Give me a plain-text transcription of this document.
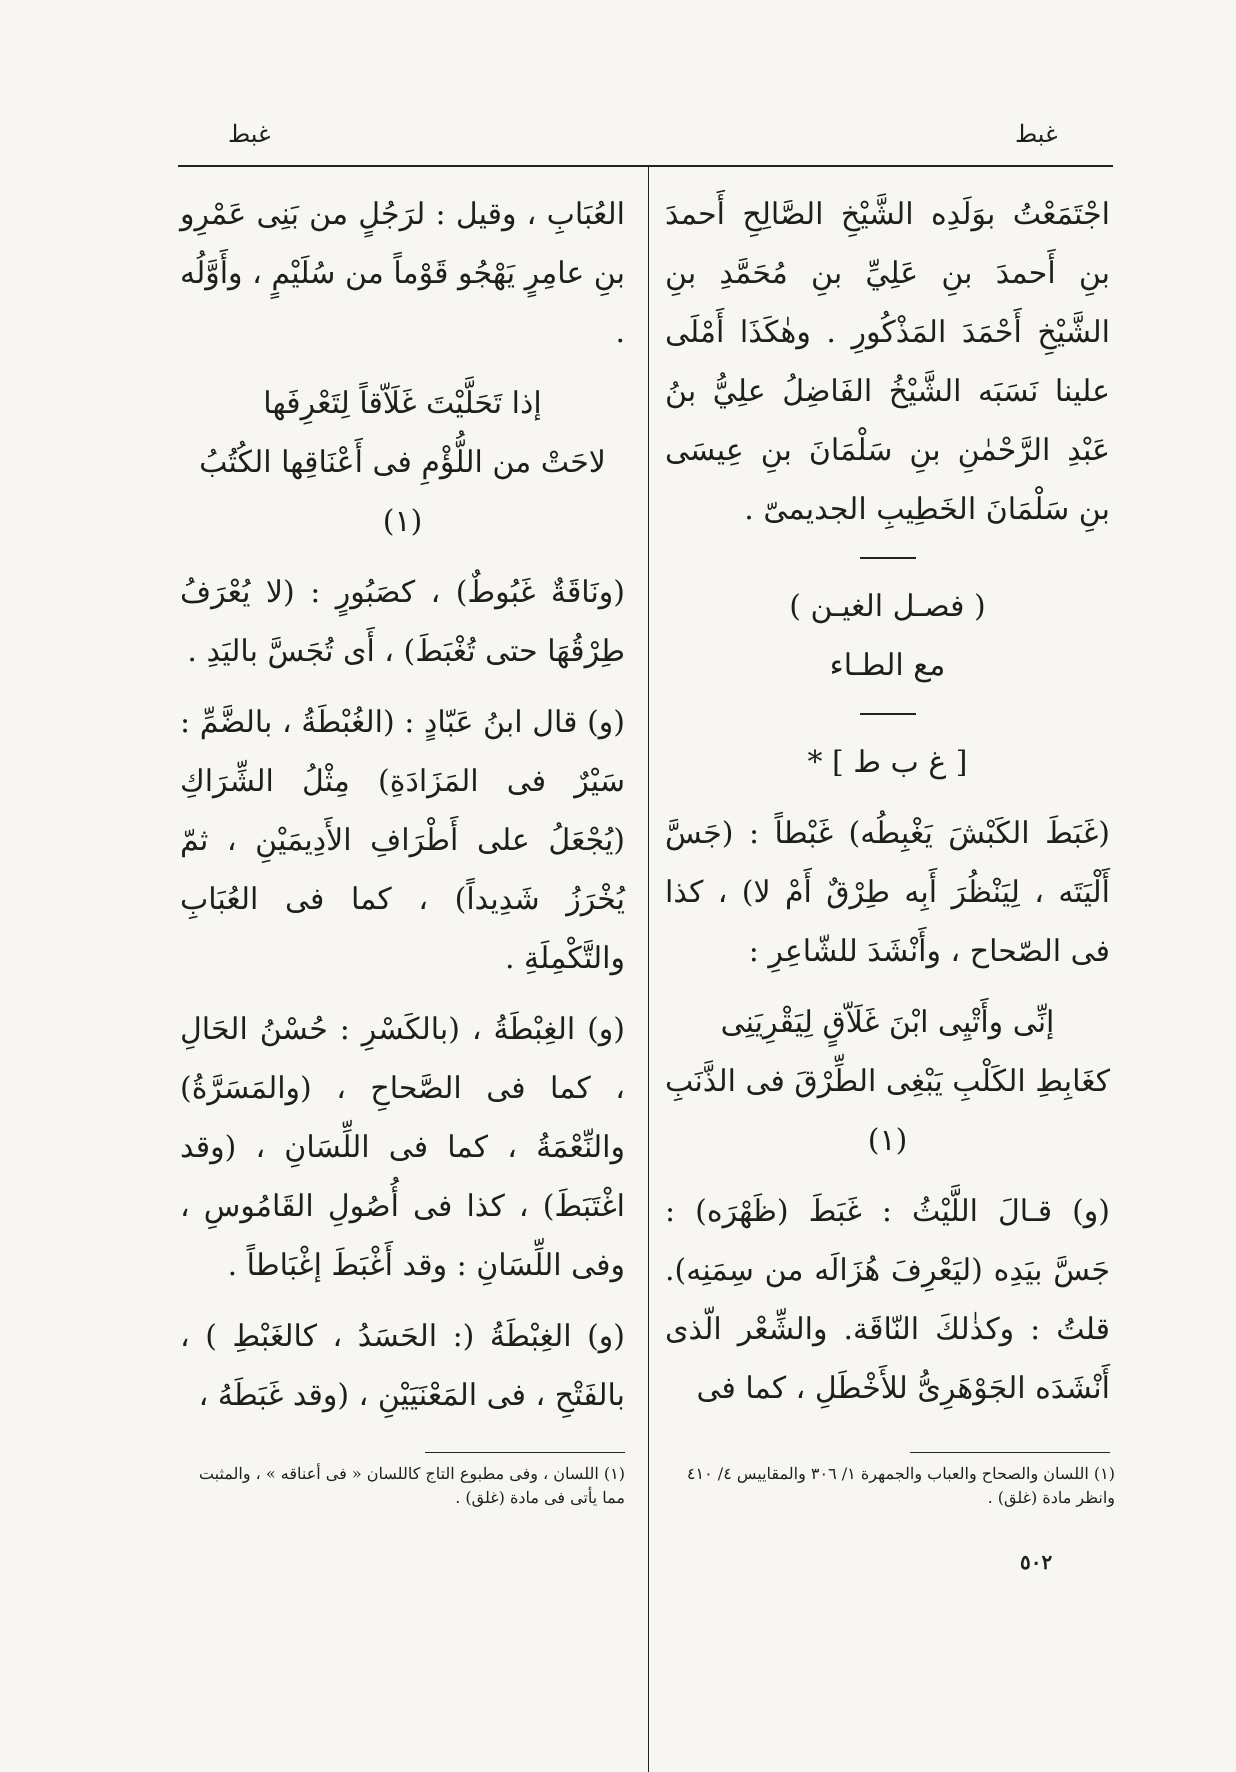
غبط
غبط

اجْتَمَعْتُ بوَلَدِه الشَّيْخِ الصَّالِحِ أَحمدَ بنِ أَحمدَ بنِ عَلِيِّ بنِ مُحَمَّدِ بنِ الشَّيْخِ أَحْمَدَ المَذْكُورِ . وهٰكَذَا أَمْلَى علينا نَسَبَه الشَّيْخُ الفَاضِلُ علِيُّ بنُ عَبْدِ الرَّحْمٰنِ بنِ سَلْمَانَ بنِ عِيسَى بنِ سَلْمَانَ الخَطِيبِ الجديمىّ .

( فصـل الغيـن )

مع الطـاء

[ غ ب ط ] *

(غَبَطَ الكَبْشَ يَغْبِطُه) غَبْطاً : (جَسَّ أَلْيَتَه ، لِيَنْظُرَ أَبِه طِرْقٌ أَمْ لا) ، كذا فى الصّحاح ، وأَنْشَدَ للشّاعِرِ :

إنِّى وأَتْيِى ابْنَ غَلَاّقٍ لِيَقْرِيَنِى

كغَابِطِ الكَلْبِ يَبْغِى الطِّرْقَ فى الذَّنَبِ (١)

(و) قـالَ اللَّيْثُ : غَبَطَ (ظَهْرَه) : جَسَّ بيَدِه (ليَعْرِفَ هُزَالَه من سِمَنِه). قلتُ : وكذٰلكَ النّاقَة. والشِّعْر الّذى أَنْشَدَه الجَوْهَرِىُّ للأَخْطَلِ ، كما فى

العُبَابِ ، وقيل : لرَجُلٍ من بَنِى عَمْرِو بنِ عامِرٍ يَهْجُو قَوْماً من سُلَيْمٍ ، وأَوَّلُه .

إذا تَحَلَّيْتَ غَلَاّقاً لِتَعْرِفَها

لاحَتْ من اللُّؤْمِ فى أَعْنَاقِها الكُتُبُ (١)

(ونَاقَةٌ غَبُوطٌ) ، كصَبُورٍ : (لا يُعْرَفُ طِرْقُهَا حتى تُغْبَطَ) ، أَى تُجَسَّ باليَدِ .

(و) قال ابنُ عَبّادٍ : (الغُبْطَةُ ، بالضَّمِّ : سَيْرٌ فى المَزَادَةِ) مِثْلُ الشِّرَاكِ (يُجْعَلُ على أَطْرَافِ الأَدِيمَيْنِ ، ثمّ يُخْرَزُ شَدِيداً) ، كما فى العُبَابِ والتَّكْمِلَةِ .

(و) الغِبْطَةُ ، (بالكَسْرِ : حُسْنُ الحَالِ ، كما فى الصَّحاحِ ، (والمَسَرَّةُ) والنِّعْمَةُ ، كما فى اللِّسَانِ ، (وقد اغْتَبَطَ) ، كذا فى أُصُولِ القَامُوسِ ، وفى اللِّسَانِ : وقد أَغْبَطَ إغْبَاطاً .

(و) الغِبْطَةُ (: الحَسَدُ ، كالغَبْطِ ) ، بالفَتْحِ ، فى المَعْنَيَيْنِ ، (وقد غَبَطَهُ ،

(١) اللسان والصحاح والعباب والجمهرة ١/ ٣٠٦ والمقاييس ٤/ ٤١٠ وانظر مادة (غلق) .
(١) اللسان ، وفى مطبوع التاج كاللسان « فى أعناقه » ، والمثبت مما يأتى فى مادة (غلق) .
٥٠٢
